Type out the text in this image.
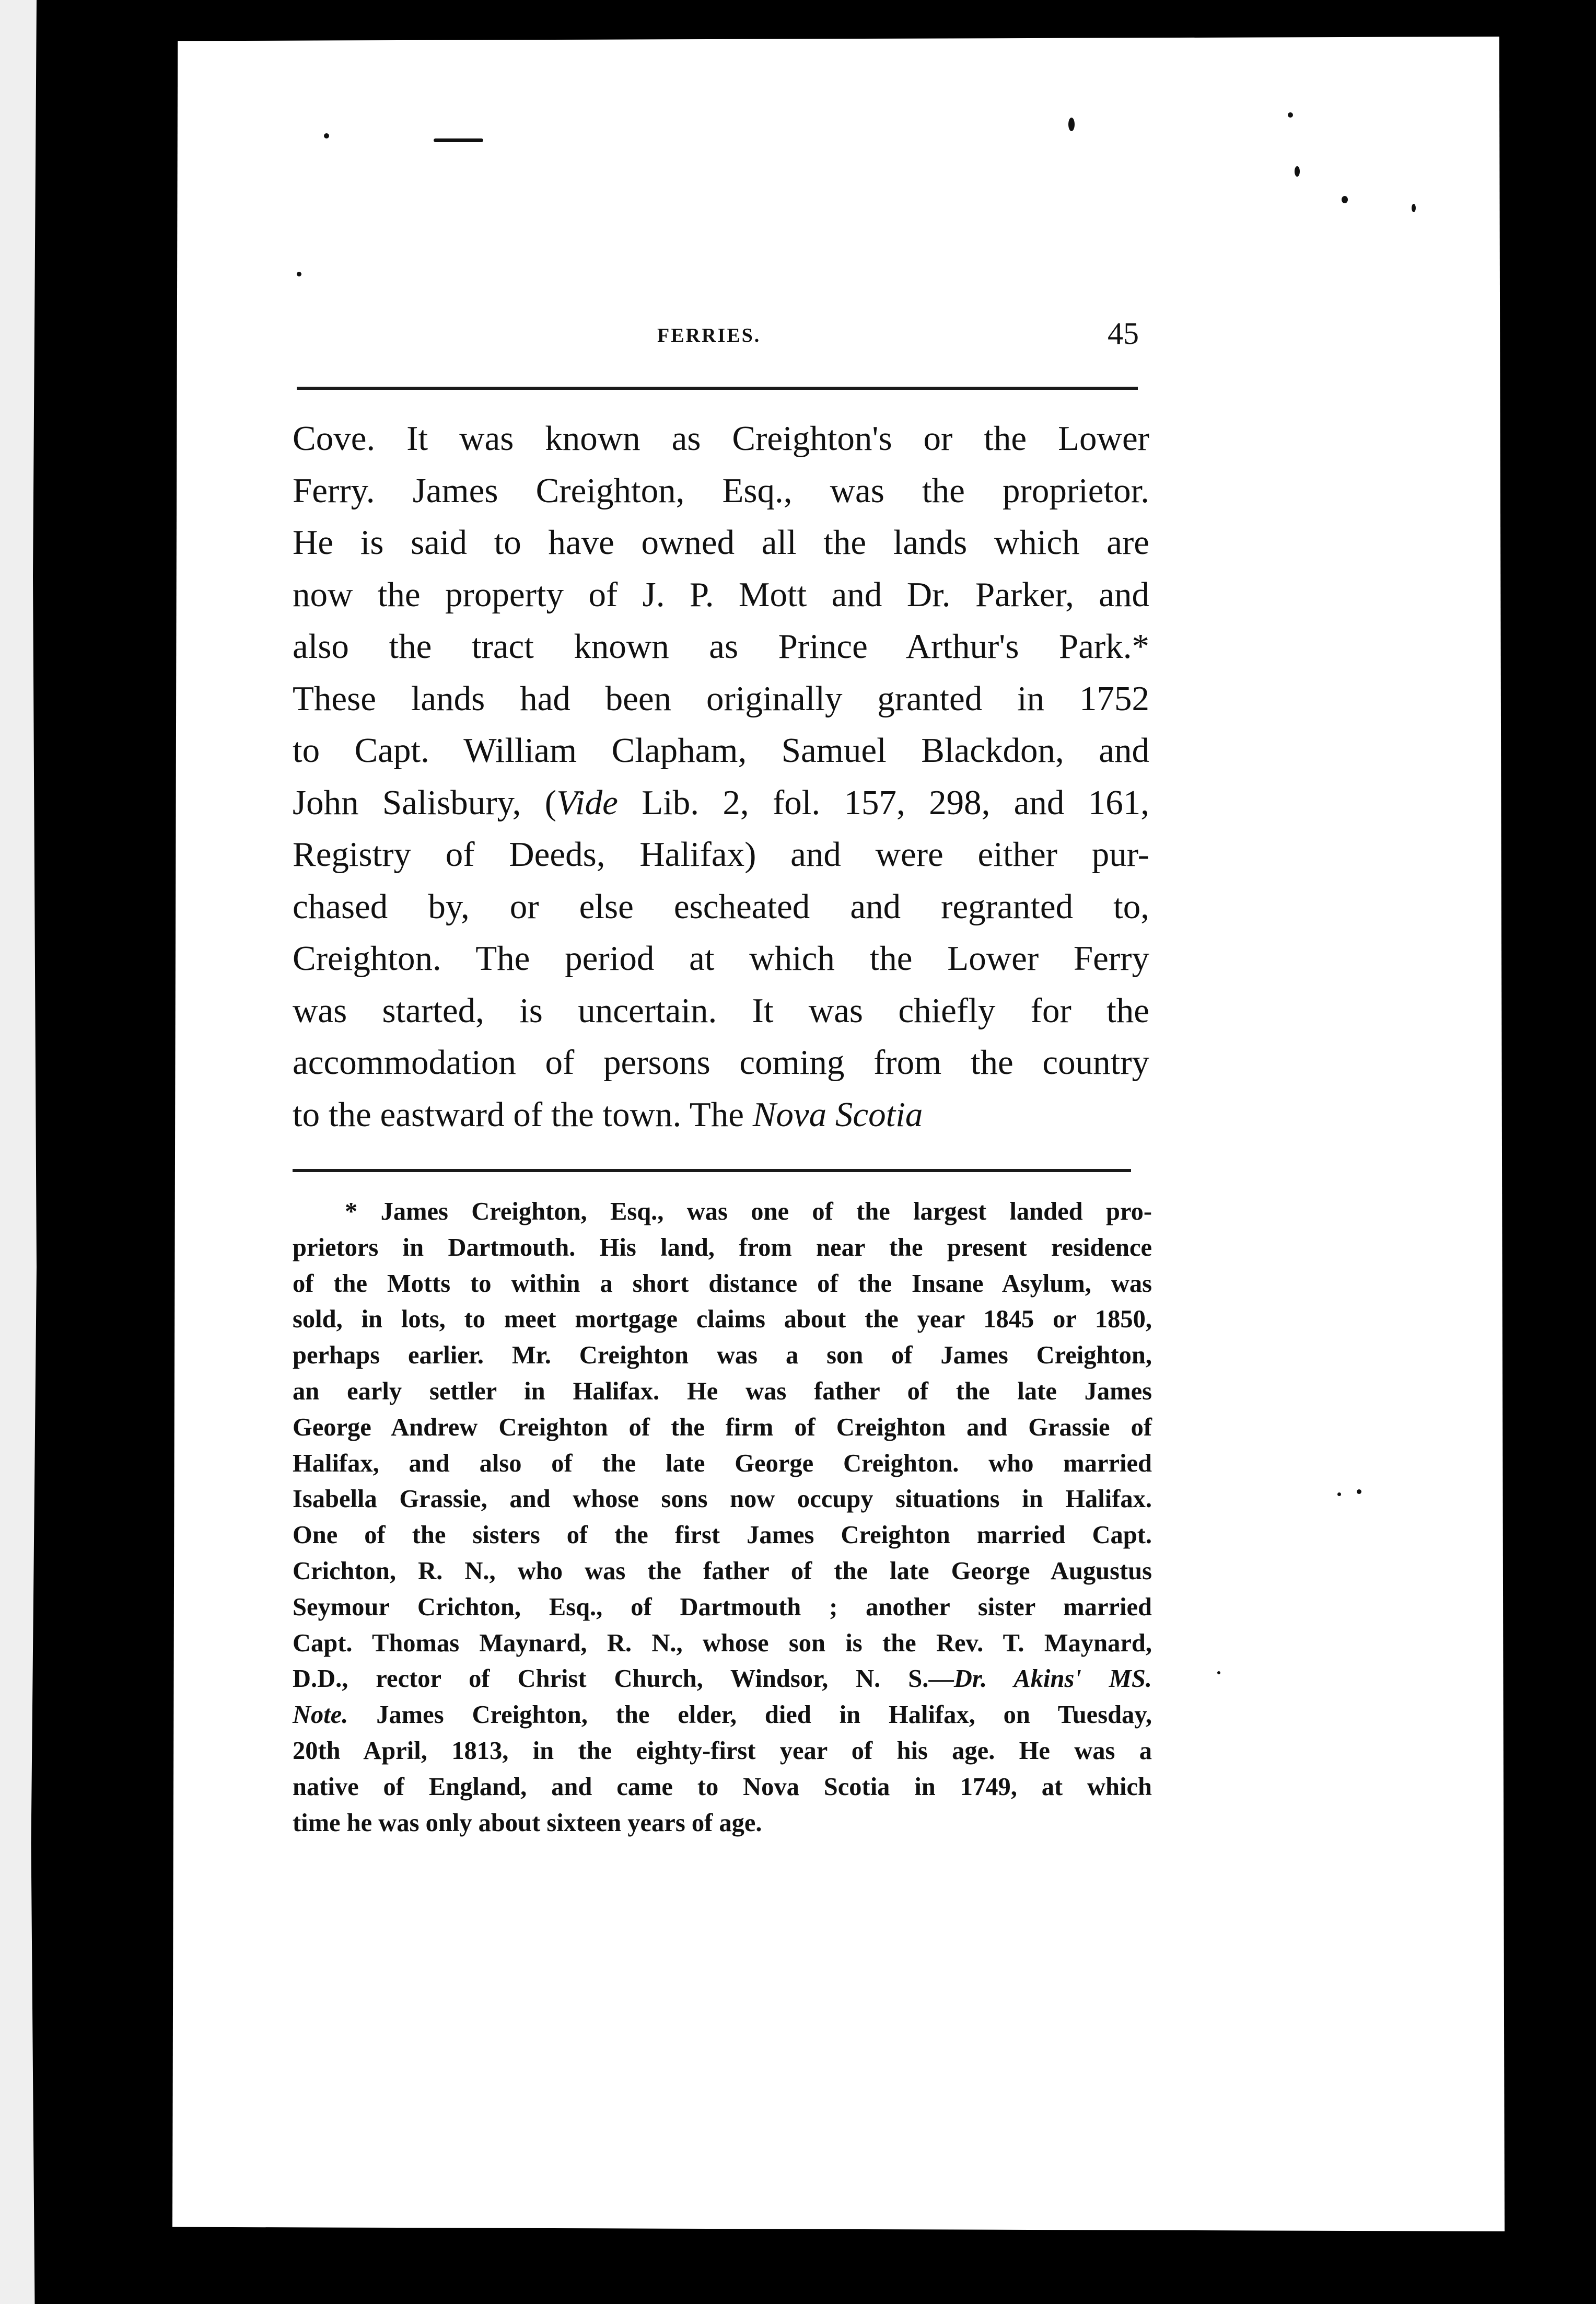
FERRIES.	45
Cove. It was known as Creighton's or the Lower
Ferry. James Creighton, Esq., was the proprietor.
He is said to have owned all the lands which are
now the property of J. P. Mott and Dr. Parker, and
also the tract known as Prince Arthur's Park.*
These lands had been originally granted in 1752
to Capt. William Clapham, Samuel Blackdon, and
John Salisbury, (Vide Lib. 2, fol. 157, 298, and 161,
Registry of Deeds, Halifax) and were either pur-
chased by, or else escheated and regranted to,
Creighton. The period at which the Lower Ferry
was started, is uncertain. It was chiefly for the
accommodation of persons coming from the country
to the eastward of the town. The Nova Scotia
* James Creighton, Esq., was one of the largest landed pro-
prietors in Dartmouth. His land, from near the present residence
of the Motts to within a short distance of the Insane Asylum, was
sold, in lots, to meet mortgage claims about the year 1845 or 1850,
perhaps earlier. Mr. Creighton was a son of James Creighton,
an early settler in Halifax. He was father of the late James
George Andrew Creighton of the firm of Creighton and Grassie of
Halifax, and also of the late George Creighton. who married
Isabella Grassie, and whose sons now occupy situations in Halifax.
One of the sisters of the first James Creighton married Capt.
Crichton, R. N., who was the father of the late George Augustus
Seymour Crichton, Esq., of Dartmouth ; another sister married
Capt. Thomas Maynard, R. N., whose son is the Rev. T. Maynard,
D.D., rector of Christ Church, Windsor, N. S.—Dr. Akins' MS.
Note. James Creighton, the elder, died in Halifax, on Tuesday,
20th April, 1813, in the eighty-first year of his age. He was a
native of England, and came to Nova Scotia in 1749, at which
time he was only about sixteen years of age.
